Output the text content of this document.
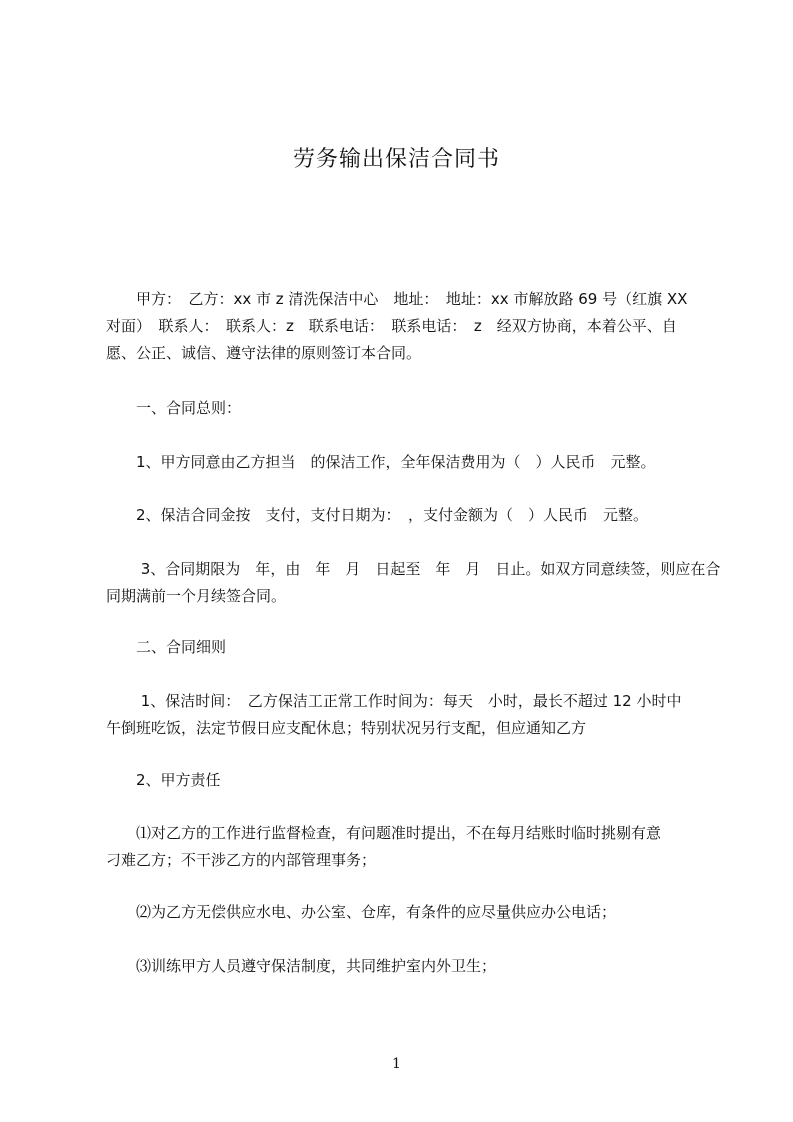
劳务输出保洁合同书
　　甲方：　乙方：xx 市 z 清洗保洁中心　地址：　地址：xx 市解放路 69 号（红旗 XX
对面）　联系人：　联系人：z　联系电话：　联系电话：　z　经双方协商，本着公平、自
愿、公正、诚信、遵守法律的原则签订本合同。
　　一、合同总则：
　　1、甲方同意由乙方担当　的保洁工作，全年保洁费用为（　）人民币　元整。
　　2、保洁合同金按　支付，支付日期为：　，支付金额为（　）人民币　元整。
　　 3、合同期限为　年，由　年　月　日起至　年　月　日止。如双方同意续签，则应在合
同期满前一个月续签合同。
　　二、合同细则
　　 1、保洁时间：　乙方保洁工正常工作时间为：每天　小时，最长不超过 12 小时中
午倒班吃饭，法定节假日应支配休息；特别状况另行支配，但应通知乙方
　　2、甲方责任
　　⑴对乙方的工作进行监督检查，有问题准时提出，不在每月结账时临时挑剔有意
刁难乙方；不干涉乙方的内部管理事务；
　　⑵为乙方无偿供应水电、办公室、仓库，有条件的应尽量供应办公电话；
　　⑶训练甲方人员遵守保洁制度，共同维护室内外卫生；
1
